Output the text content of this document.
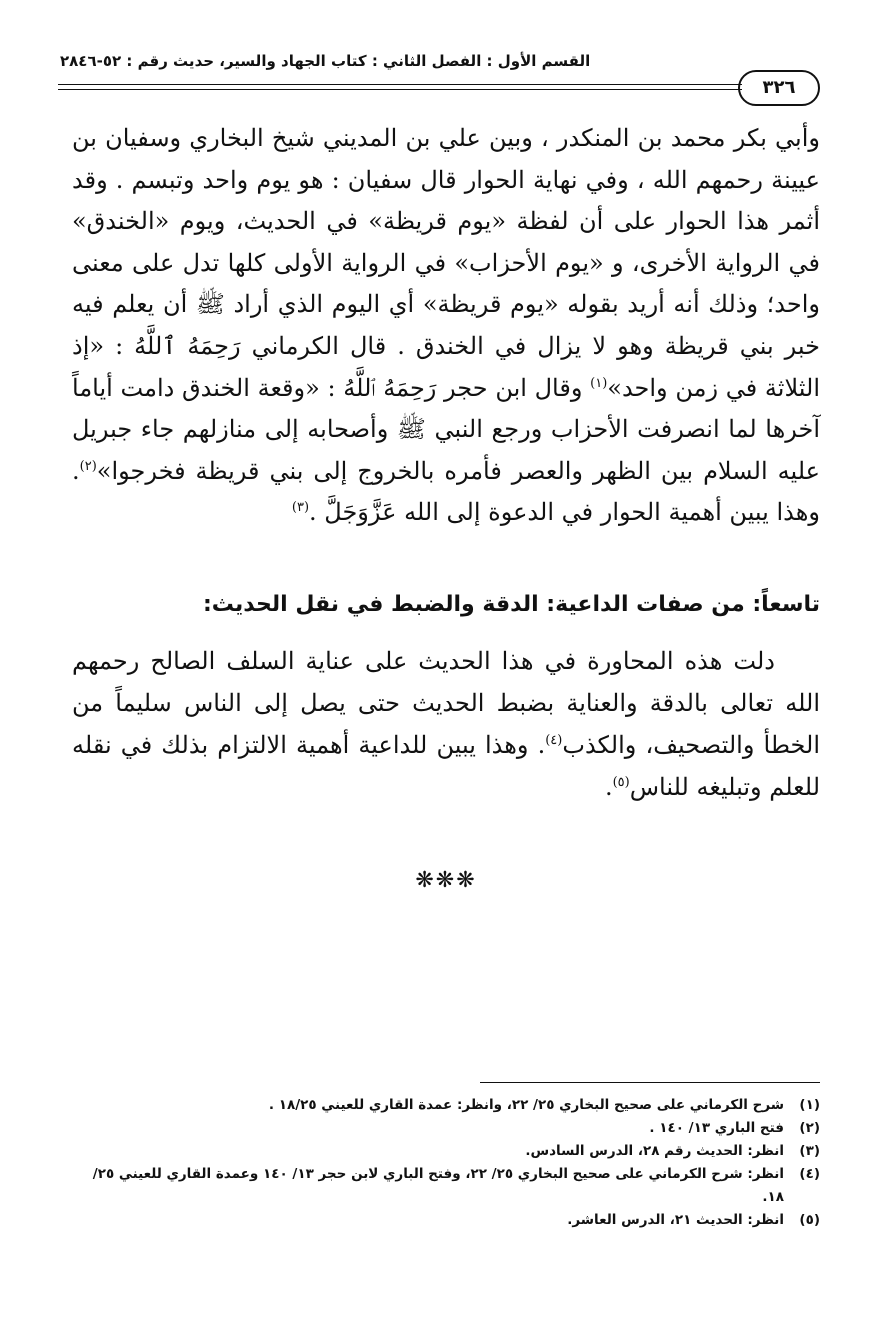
القسم الأول : الفصل الثاني : كتاب الجهاد والسير، حديث رقم : ٥٢-٢٨٤٦
٣٢٦

وأبي بكر محمد بن المنكدر ، وبين علي بن المديني شيخ البخاري وسفيان بن عيينة رحمهم الله ، وفي نهاية الحوار قال سفيان : هو يوم واحد وتبسم . وقد أثمر هذا الحوار على أن لفظة «يوم قريظة» في الحديث، ويوم «الخندق» في الرواية الأخرى، و «يوم الأحزاب» في الرواية الأولى كلها تدل على معنى واحد؛ وذلك أنه أريد بقوله «يوم قريظة» أي اليوم الذي أراد ﷺ أن يعلم فيه خبر بني قريظة وهو لا يزال في الخندق . قال الكرماني رَحِمَهُ ٱللَّهُ : «إذ الثلاثة في زمن واحد»$^{(١)}$ وقال ابن حجر رَحِمَهُ ٱللَّهُ : «وقعة الخندق دامت أياماً آخرها لما انصرفت الأحزاب ورجع النبي ﷺ وأصحابه إلى منازلهم جاء جبريل عليه السلام بين الظهر والعصر فأمره بالخروج إلى بني قريظة فخرجوا»$^{(٢)}$. وهذا يبين أهمية الحوار في الدعوة إلى الله عَزَّوَجَلَّ .$^{(٣)}$

تاسعاً: من صفات الداعية: الدقة والضبط في نقل الحديث:
دلت هذه المحاورة في هذا الحديث على عناية السلف الصالح رحمهم الله تعالى بالدقة والعناية بضبط الحديث حتى يصل إلى الناس سليماً من الخطأ والتصحيف، والكذب$^{(٤)}$. وهذا يبين للداعية أهمية الالتزام بذلك في نقله للعلم وتبليغه للناس$^{(٥)}$.
❋❋❋
(١)
شرح الكرماني على صحيح البخاري ٢٥/ ٢٢، وانظر: عمدة القاري للعيني ١٨/٢٥ .
(٢)
فتح الباري ١٣/ ١٤٠ .
(٣)
انظر: الحديث رقم ٢٨، الدرس السادس.
(٤)
انظر: شرح الكرماني على صحيح البخاري ٢٥/ ٢٢، وفتح الباري لابن حجر ١٣/ ١٤٠ وعمدة القاري للعيني ٢٥/ ١٨.
(٥)
انظر: الحديث ٢١، الدرس العاشر.
